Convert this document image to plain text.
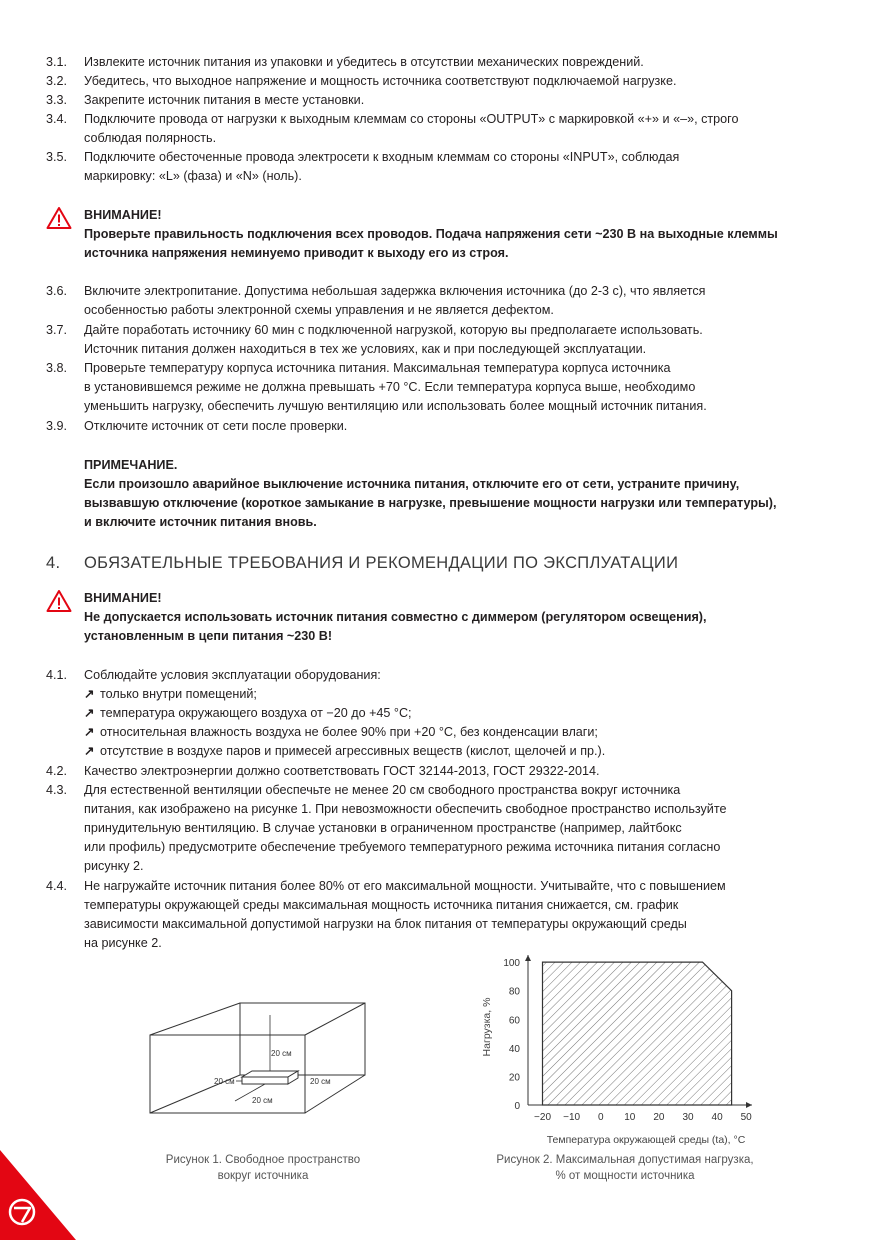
3.1.	Извлеките источник питания из упаковки и убедитесь в отсутствии механических повреждений.
3.2.	Убедитесь, что выходное напряжение и мощность источника соответствуют подключаемой нагрузке.
3.3.	Закрепите источник питания в месте установки.
3.4.	Подключите провода от нагрузки к выходным клеммам со стороны «OUTPUT» с маркировкой «+» и «–», строго
соблюдая полярность.
3.5.	Подключите обесточенные провода электросети к входным клеммам со стороны «INPUT», соблюдая
маркировку: «L» (фаза) и «N» (ноль).
ВНИМАНИЕ!
Проверьте правильность подключения всех проводов. Подача напряжения сети ~230 В на выходные клеммы
источника напряжения неминуемо приводит к выходу его из строя.
3.6.	Включите электропитание. Допустима небольшая задержка включения источника (до 2-3 с), что является
особенностью работы электронной схемы управления и не является дефектом.
3.7.	Дайте поработать источнику 60 мин с подключенной нагрузкой, которую вы предполагаете использовать.
Источник питания должен находиться в тех же условиях, как и при последующей эксплуатации.
3.8.	Проверьте температуру корпуса источника питания. Максимальная температура корпуса источника
в установившемся режиме не должна превышать +70 °С. Если температура корпуса выше, необходимо
уменьшить нагрузку, обеспечить лучшую вентиляцию или использовать более мощный источник питания.
3.9.	Отключите источник от сети после проверки.
ПРИМЕЧАНИЕ.
Если произошло аварийное выключение источника питания, отключите его от сети, устраните причину,
вызвавшую отключение (короткое замыкание в нагрузке, превышение мощности нагрузки или температуры),
и включите источник питания вновь.
4. ОБЯЗАТЕЛЬНЫЕ ТРЕБОВАНИЯ И РЕКОМЕНДАЦИИ ПО ЭКСПЛУАТАЦИИ
ВНИМАНИЕ!
Не допускается использовать источник питания совместно с диммером (регулятором освещения),
установленным в цепи питания ~230 В!
4.1.	Соблюдайте условия эксплуатации оборудования:
↗ только внутри помещений;
↗ температура окружающего воздуха от −20 до +45 °C;
↗ относительная влажность воздуха не более 90% при +20 °C, без конденсации влаги;
↗ отсутствие в воздухе паров и примесей агрессивных веществ (кислот, щелочей и пр.).
4.2.	Качество электроэнергии должно соответствовать ГОСТ 32144-2013, ГОСТ 29322-2014.
4.3.	Для естественной вентиляции обеспечьте не менее 20 см свободного пространства вокруг источника
питания, как изображено на рисунке 1. При невозможности обеспечить свободное пространство используйте
принудительную вентиляцию. В случае установки в ограниченном пространстве (например, лайтбокс
или профиль) предусмотрите обеспечение требуемого температурного режима источника питания согласно
рисунку 2.
4.4.	Не нагружайте источник питания более 80% от его максимальной мощности. Учитывайте, что с повышением
температуры окружающей среды максимальная мощность источника питания снижается, см. график
зависимости максимальной допустимой нагрузки на блок питания от температуры окружающий среды
на рисунке 2.
20 см
20 см	20 см
20 см
Рисунок 1. Свободное пространство
вокруг источника
0
20
40
60
80
100
−20 −10 0 10 20 30 40 50
Нагрузка, %
Температура окружающей среды (ta), °C
Рисунок 2. Максимальная допустимая нагрузка,
% от мощности источника
